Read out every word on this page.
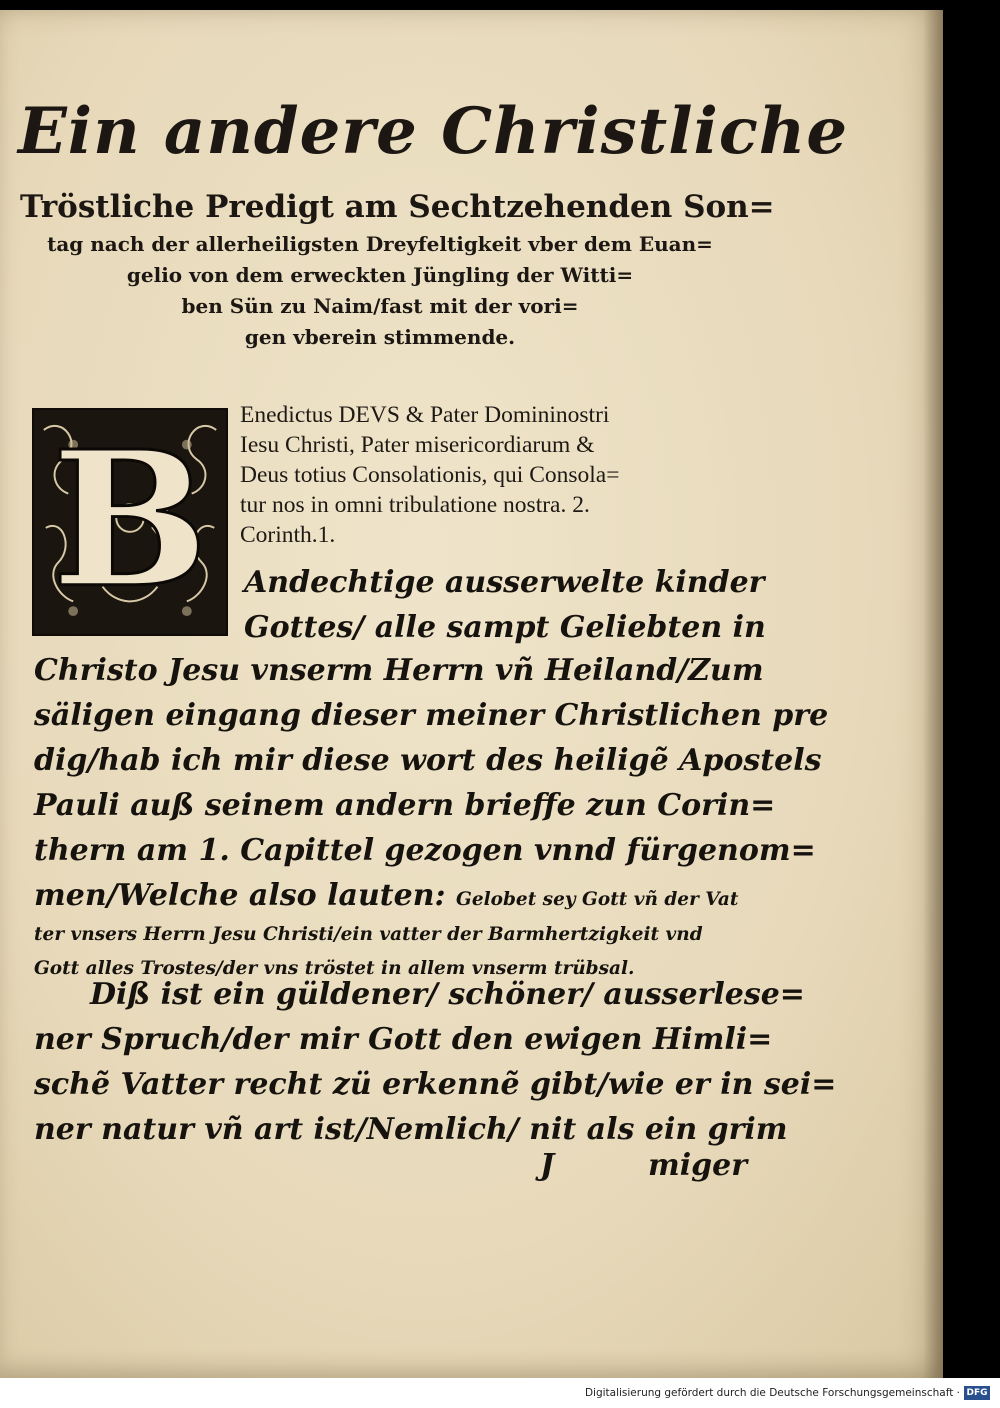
Ein andere Christliche
Tröstliche Predigt am Sechtzehenden Son=
tag nach der allerheiligsten Dreyfeltigkeit vber dem Euan=
gelio von dem erweckten Jüngling der Witti=
ben Sün zu Naim/fast mit der vori=
gen vberein stimmende.
B Enedictus DEVS & Pater Domininostri
Iesu Christi, Pater misericordiarum &
Deus totius Consolationis, qui Consola=
tur nos in omni tribulatione nostra. 2.
Corinth.1.
Andechtige ausserwelte kinder
Gottes/ alle sampt Geliebten in
Christo Jesu vnserm Herrn vñ Heiland/Zum
säligen eingang dieser meiner Christlichen pre
dig/hab ich mir diese wort des heiligẽ Apostels
Pauli auß seinem andern brieffe zun Corin=
thern am 1. Capittel gezogen vnnd fürgenom=
men/Welche also lauten: Gelobet sey Gott vñ der Vat
ter vnsers Herrn Jesu Christi/ein vatter der Barmhertzigkeit vnd
Gott alles Trostes/der vns tröstet in allem vnserm trübsal.
Diß ist ein güldener/ schöner/ ausserlese=
ner Spruch/der mir Gott den ewigen Himli=
schẽ Vatter recht zü erkennẽ gibt/wie er in sei=
ner natur vñ art ist/Nemlich/ nit als ein grim
J	miger
Digitalisierung gefördert durch die Deutsche Forschungsgemeinschaft · DFG
